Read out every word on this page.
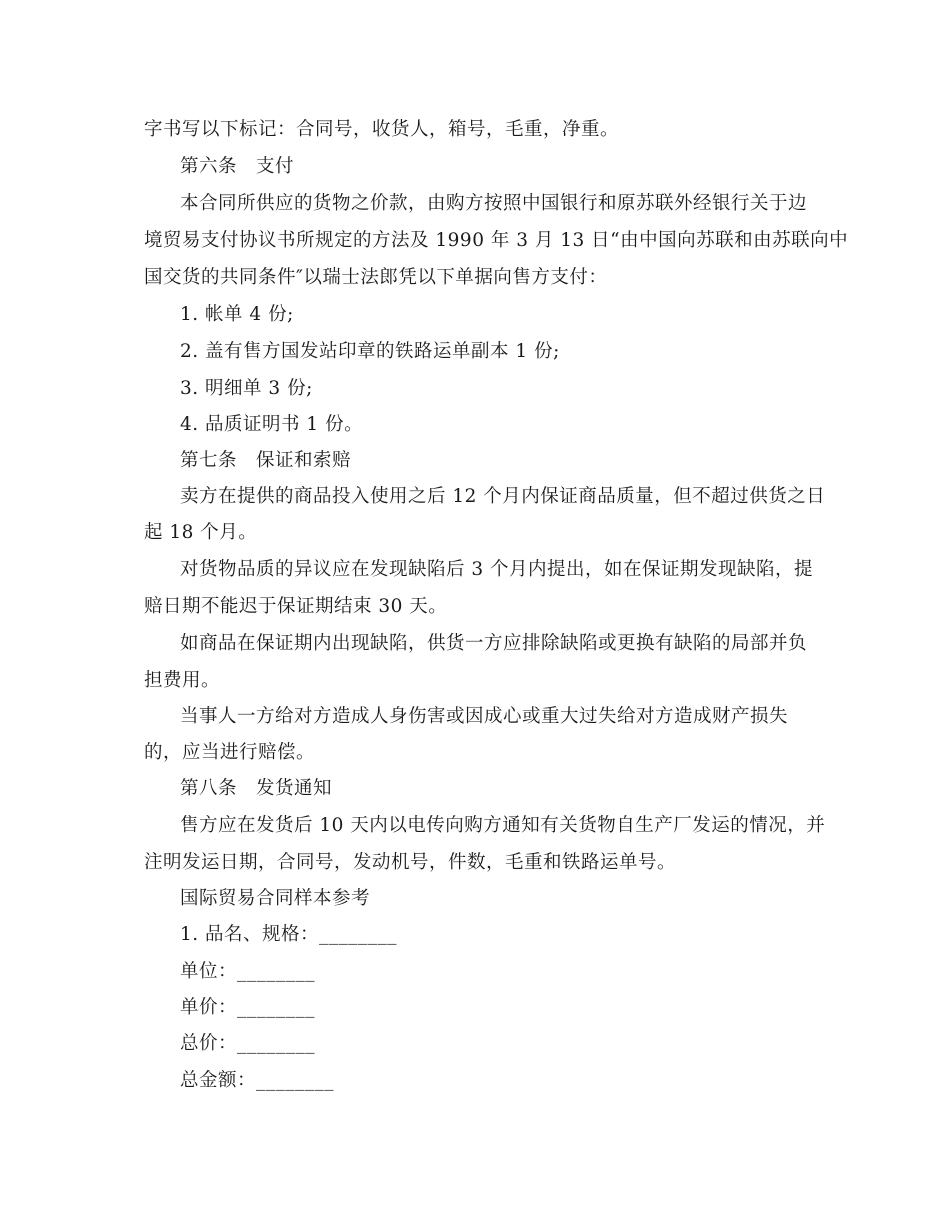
字书写以下标记：合同号，收货人，箱号，毛重，净重。
第六条　支付
本合同所供应的货物之价款，由购方按照中国银行和原苏联外经银行关于边
境贸易支付协议书所规定的方法及 1990 年 3 月 13 日“由中国向苏联和由苏联向中
国交货的共同条件″以瑞士法郎凭以下单据向售方支付：
1. 帐单 4 份;
2. 盖有售方国发站印章的铁路运单副本 1 份;
3. 明细单 3 份;
4. 品质证明书 1 份。
第七条　保证和索赔
卖方在提供的商品投入使用之后 12 个月内保证商品质量，但不超过供货之日
起 18 个月。
对货物品质的异议应在发现缺陷后 3 个月内提出，如在保证期发现缺陷，提
赔日期不能迟于保证期结束 30 天。
如商品在保证期内出现缺陷，供货一方应排除缺陷或更换有缺陷的局部并负
担费用。
当事人一方给对方造成人身伤害或因成心或重大过失给对方造成财产损失
的，应当进行赔偿。
第八条　发货通知
售方应在发货后 10 天内以电传向购方通知有关货物自生产厂发运的情况，并
注明发运日期，合同号，发动机号，件数，毛重和铁路运单号。
国际贸易合同样本参考
1. 品名、规格：________
单位：________
单价：________
总价：________
总金额：________
